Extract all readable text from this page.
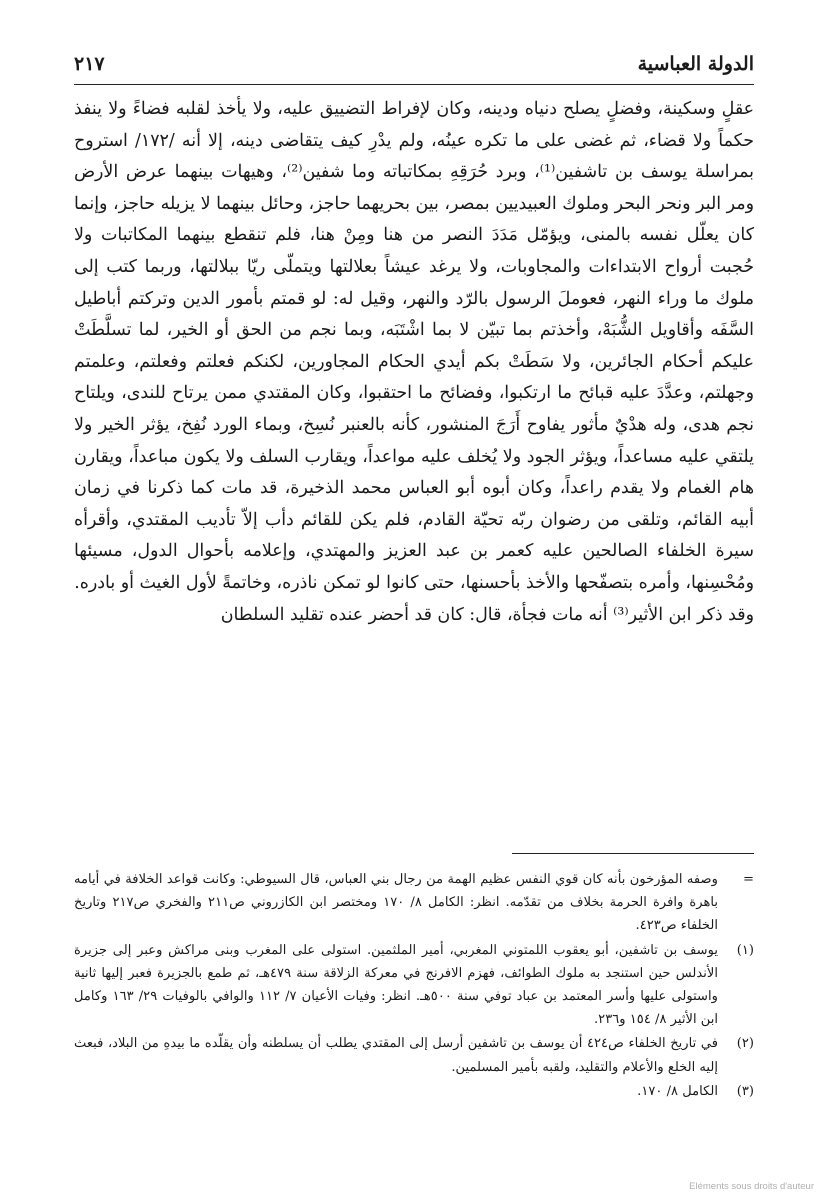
الدولة العباسية
٢١٧

عقلٍ وسكينة، وفضلٍ يصلح دنياه ودينه، وكان لإفراط التضييق عليه، ولا يأخذ لقلبه فضاءً ولا ينفذ حكماً ولا قضاء، ثم غضى على ما تكره عينُه، ولم يدْرِ كيف يتقاضى دينه، إلا أنه /١٧٢/ استروح بمراسلة يوسف بن تاشفين⁽¹⁾، وبرد حُرَقِهِ بمكاتباته وما شفين⁽²⁾، وهيهات بينهما عرض الأرض ومر البر ونحر البحر وملوك العبيديين بمصر، بين بحريهما حاجز، وحائل بينهما لا يزيله حاجز، وإنما كان يعلّل نفسه بالمنى، ويؤمّل مَدَدَ النصر من هنا ومِنْ هنا، فلم تنقطع بينهما المكاتبات ولا حُجبت أرواح الابتداءات والمجاوبات، ولا يرغد عيشاً بعلالتها ويتملّى ريّا ببلالتها، وربما كتب إلى ملوك ما وراء النهر، فعوملَ الرسول بالرّد والنهر، وقيل له: لو قمتم بأمور الدين وتركتم أباطيل السَّفَه وأقاويل الشُّبَهْ، وأخذتم بما تبيّن لا بما اشْتَبَه، وبما نجم من الحق أو الخير، لما تسلَّطَتْ عليكم أحكام الجائرين، ولا سَطَتْ بكم أيدي الحكام المجاورين، لكنكم فعلتم وفعلتم، وعلمتم وجهلتم، وعدَّدَ عليه قبائح ما ارتكبوا، وفضائح ما احتقبوا، وكان المقتدي ممن يرتاح للندى، ويلتاح نجم هدى، وله هدْيٌ مأثور يفاوح أَرَجَ المنشور، كأنه بالعنبر نُسِخ، وبماء الورد نُفِخ، يؤثر الخير ولا يلتقي عليه مساعداً، ويؤثر الجود ولا يُخلف عليه مواعداً، ويقارب السلف ولا يكون مباعداً، ويقارن هام الغمام ولا يقدم راعداً، وكان أبوه أبو العباس محمد الذخيرة، قد مات كما ذكرنا في زمان أبيه القائم، وتلقى من رضوان ربّه تحيّة القادم، فلم يكن للقائم دأب إلاّ تأديب المقتدي، وأقرأه سيرة الخلفاء الصالحين عليه كعمر بن عبد العزيز والمهتدي، وإعلامه بأحوال الدول، مسيئها ومُحْسِنها، وأمره بتصفّحها والأخذ بأحسنها، حتى كانوا لو تمكن ناذره، وخاتمةً لأول الغيث أو بادره.

وقد ذكر ابن الأثير⁽³⁾ أنه مات فجأة، قال: كان قد أحضر عنده تقليد السلطان

=
وصفه المؤرخون بأنه كان قوي النفس عظيم الهمة من رجال بني العباس، قال السيوطي: وكانت قواعد الخلافة في أيامه باهرة وافرة الحرمة بخلاف من تقدّمه. انظر: الكامل ٨/ ١٧٠ ومختصر ابن الكازروني ص٢١١ والفخري ص٢١٧ وتاريخ الخلفاء ص٤٢٣.
(١)
يوسف بن تاشفين، أبو يعقوب اللمتوني المغربي، أمير الملثمين. استولى على المغرب وبنى مراكش وعبر إلى جزيرة الأندلس حين استنجد به ملوك الطوائف، فهزم الافرنج في معركة الزلاقة سنة ٤٧٩هـ، ثم طمع بالجزيرة فعبر إليها ثانية واستولى عليها وأسر المعتمد بن عباد توفي سنة ٥٠٠هـ. انظر: وفيات الأعيان ٧/ ١١٢ والوافي بالوفيات ٢٩/ ١٦٣ وكامل ابن الأثير ٨/ ١٥٤ و٢٣٦.
(٢)
في تاريخ الخلفاء ص٤٢٤ أن يوسف بن تاشفين أرسل إلى المقتدي يطلب أن يسلطنه وأن يقلّده ما بيدهِ من البلاد، فبعث إليه الخلع والأعلام والتقليد، ولقبه بأمير المسلمين.
(٣)
الكامل ٨/ ١٧٠.
Eléments sous droits d'auteur
